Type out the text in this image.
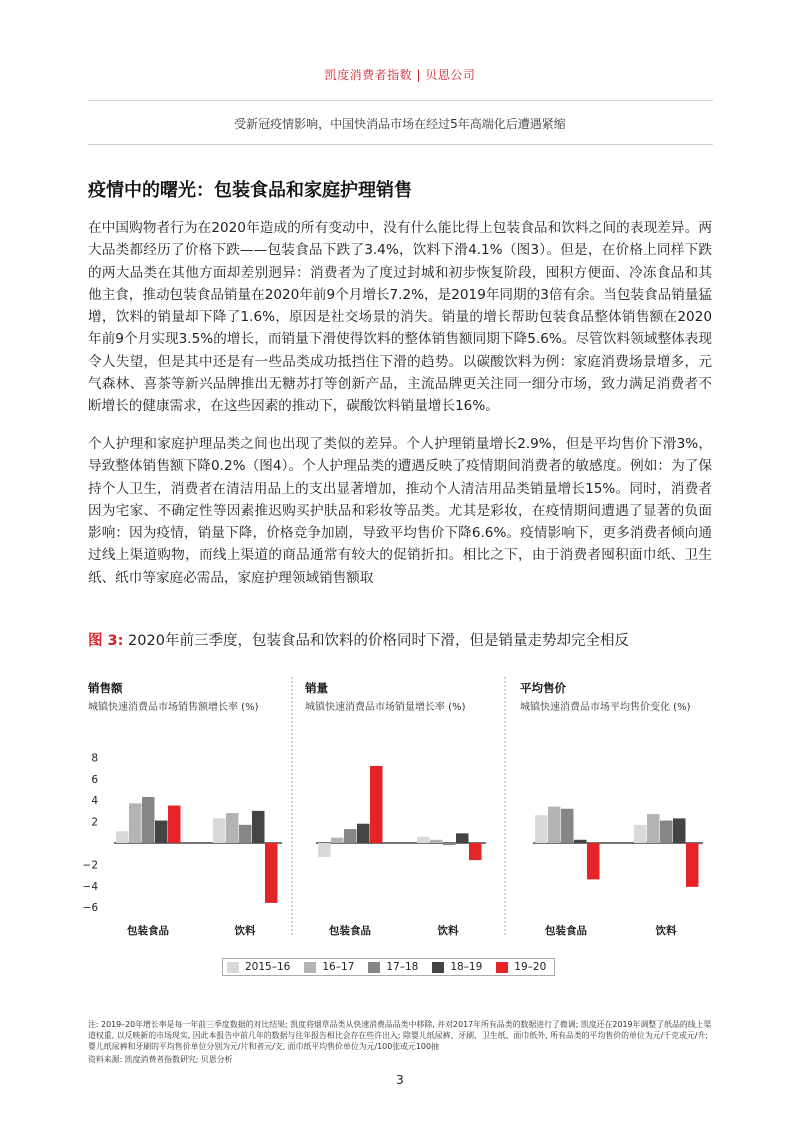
凯度消费者指数 | 贝恩公司
受新冠疫情影响，中国快消品市场在经过5年高端化后遭遇紧缩
疫情中的曙光：包装食品和家庭护理销售

在中国购物者行为在2020年造成的所有变动中，没有什么能比得上包装食品和饮料之间的表现差异。两大品类都经历了价格下跌——包装食品下跌了3.4%，饮料下滑4.1%（图3）。但是，在价格上同样下跌的两大品类在其他方面却差别迥异：消费者为了度过封城和初步恢复阶段，囤积方便面、冷冻食品和其他主食，推动包装食品销量在2020年前9个月增长7.2%，是2019年同期的3倍有余。当包装食品销量猛增，饮料的销量却下降了1.6%，原因是社交场景的消失。销量的增长帮助包装食品整体销售额在2020年前9个月实现3.5%的增长，而销量下滑使得饮料的整体销售额同期下降5.6%。尽管饮料领域整体表现令人失望，但是其中还是有一些品类成功抵挡住下滑的趋势。以碳酸饮料为例：家庭消费场景增多，元气森林、喜茶等新兴品牌推出无糖苏打等创新产品，主流品牌更关注同一细分市场，致力满足消费者不断增长的健康需求，在这些因素的推动下，碳酸饮料销量增长16%。

个人护理和家庭护理品类之间也出现了类似的差异。个人护理销量增长2.9%，但是平均售价下滑3%，导致整体销售额下降0.2%（图4）。个人护理品类的遭遇反映了疫情期间消费者的敏感度。例如：为了保持个人卫生，消费者在清洁用品上的支出显著增加，推动个人清洁用品类销量增长15%。同时，消费者因为宅家、不确定性等因素推迟购买护肤品和彩妆等品类。尤其是彩妆，在疫情期间遭遇了显著的负面影响：因为疫情，销量下降，价格竞争加剧，导致平均售价下降6.6%。疫情影响下，更多消费者倾向通过线上渠道购物，而线上渠道的商品通常有较大的促销折扣。相比之下，由于消费者囤积面巾纸、卫生纸、纸巾等家庭必需品，家庭护理领域销售额取

图 3: 2020年前三季度，包装食品和饮料的价格同时下滑，但是销量走势却完全相反
8
6
4
2
−2
−4
−6
销售额
城镇快速消费品市场销售额增长率 (%)
包装食品	饮料
销量
城镇快速消费品市场销量增长率 (%)
包装食品	饮料
平均售价
城镇快速消费品市场平均售价变化 (%)
包装食品	饮料
2015–16	16–17	17–18	18–19	19–20

注: 2019–20年增长率是每一年前三季度数据的对比结果; 凯度将烟草品类从快速消费品品类中移除, 并对2017年所有品类的数据进行了微调; 凯度还在2019年调整了纸品的线上渠道权重, 以反映新的市场现实, 因此本报告中前几年的数据与往年报告相比会存在些许出入; 除婴儿纸尿裤、牙刷、卫生纸、面巾纸外, 所有品类的平均售价的单位为元/千克或元/升; 婴儿纸尿裤和牙刷的平均售价单位分别为元/片和者元/支, 面巾纸平均售价单位为元/100张或元100抽

资料来源: 凯度消费者指数研究; 贝恩分析
3
